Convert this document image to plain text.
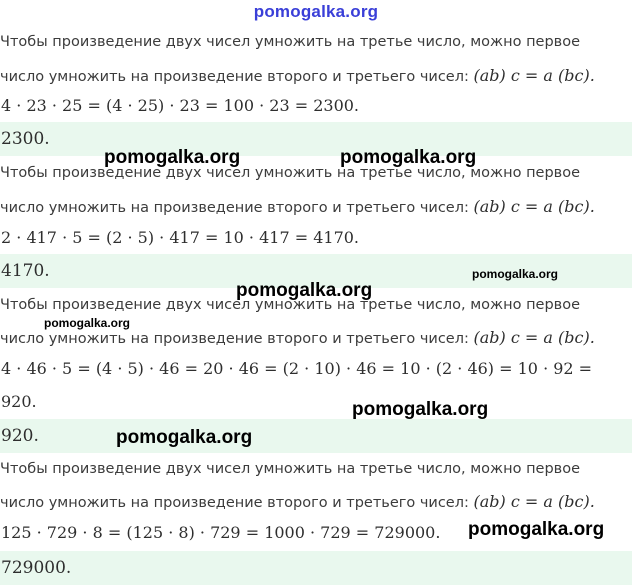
pomogalka.org
Чтобы произведение двух чисел умножить на третье число, можно первое
число умножить на произведение второго и третьего чисел: (ab) c = a (bc).
4 · 23 · 25 = (4 · 25) · 23 = 100 · 23 = 2300.
2300.
Чтобы произведение двух чисел умножить на третье число, можно первое
число умножить на произведение второго и третьего чисел: (ab) c = a (bc).
2 · 417 · 5 = (2 · 5) · 417 = 10 · 417 = 4170.
4170.
Чтобы произведение двух чисел умножить на третье число, можно первое
число умножить на произведение второго и третьего чисел: (ab) c = a (bc).
4 · 46 · 5 = (4 · 5) · 46 = 20 · 46 = (2 · 10) · 46 = 10 · (2 · 46) = 10 · 92 =
920.
920.
Чтобы произведение двух чисел умножить на третье число, можно первое
число умножить на произведение второго и третьего чисел: (ab) c = a (bc).
125 · 729 · 8 = (125 · 8) · 729 = 1000 · 729 = 729000.
729000.
pomogalka.org	pomogalka.org
pomogalka.org
pomogalka.org
pomogalka.org
pomogalka.org
pomogalka.org
pomogalka.org
